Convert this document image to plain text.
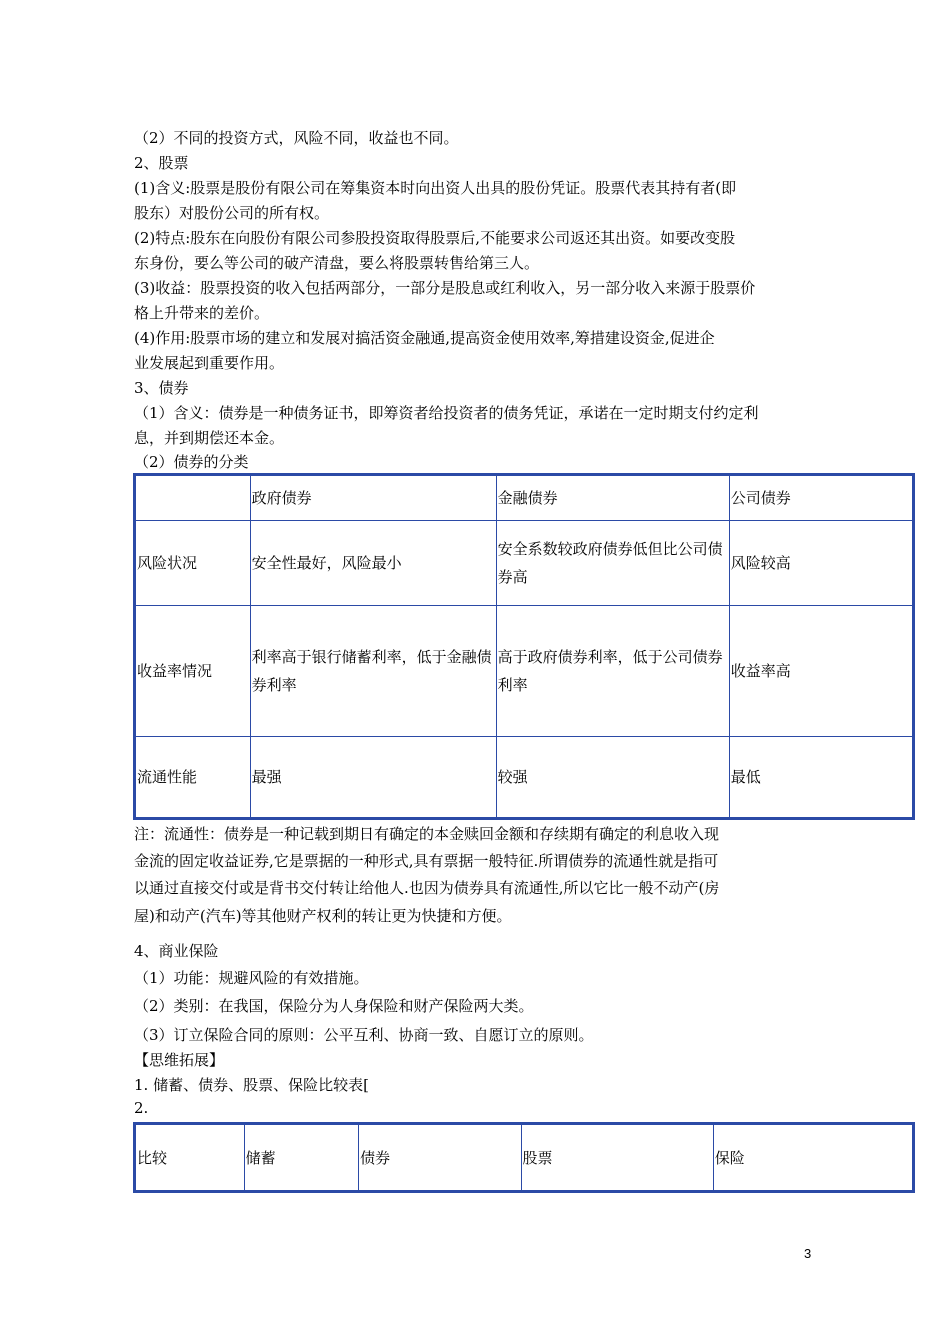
（2）不同的投资方式，风险不同，收益也不同。
2、股票
(1)含义:股票是股份有限公司在筹集资本时向出资人出具的股份凭证。股票代表其持有者(即
股东）对股份公司的所有权。
(2)特点:股东在向股份有限公司参股投资取得股票后,不能要求公司返还其出资。如要改变股
东身份，要么等公司的破产清盘，要么将股票转售给第三人。
(3)收益：股票投资的收入包括两部分，一部分是股息或红利收入，另一部分收入来源于股票价
格上升带来的差价。
(4)作用:股票市场的建立和发展对搞活资金融通,提高资金使用效率,筹措建设资金,促进企
业发展起到重要作用。
3、债券
（1）含义：债券是一种债务证书，即筹资者给投资者的债务凭证，承诺在一定时期支付约定利
息，并到期偿还本金。
（2）债券的分类
	政府债券	金融债券	公司债券
风险状况	安全性最好，风险最小	安全系数较政府债券低但比公司债券高	风险较高
收益率情况	利率高于银行储蓄利率，低于金融债券利率	高于政府债券利率，低于公司债券利率	收益率高
流通性能	最强	较强	最低
注：流通性：债券是一种记载到期日有确定的本金赎回金额和存续期有确定的利息收入现
金流的固定收益证券,它是票据的一种形式,具有票据一般特征.所谓债券的流通性就是指可
以通过直接交付或是背书交付转让给他人.也因为债券具有流通性,所以它比一般不动产(房
屋)和动产(汽车)等其他财产权利的转让更为快捷和方便。
4、商业保险
（1）功能：规避风险的有效措施。
（2）类别：在我国，保险分为人身保险和财产保险两大类。
（3）订立保险合同的原则：公平互利、协商一致、自愿订立的原则。
【思维拓展】
1. 储蓄、债券、股票、保险比较表[
2.
比较	储蓄	债券	股票	保险
3
